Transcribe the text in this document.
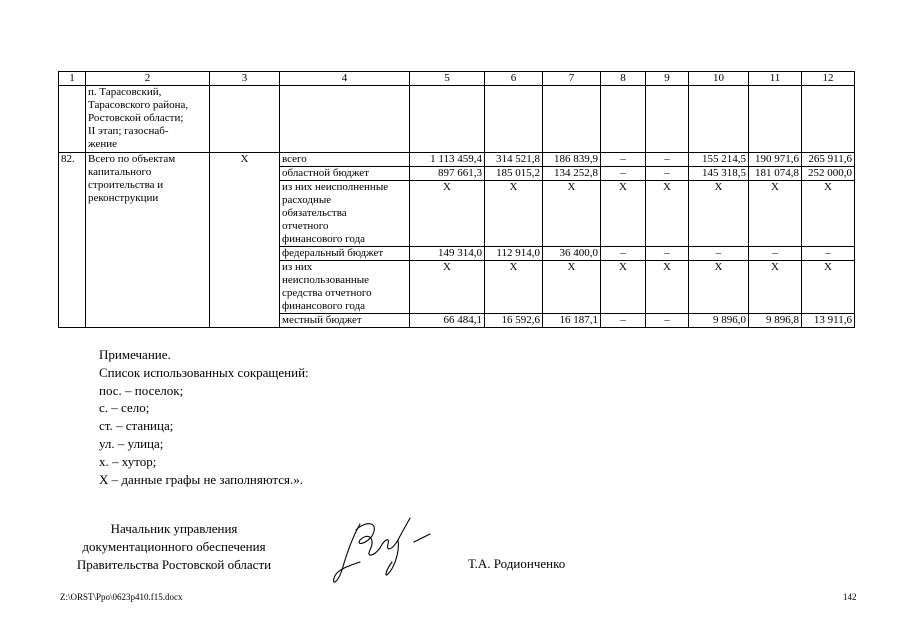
1	2	3	4	5	6	7	8	9	10	11	12

	п. Тарасовский,
Тарасовского района,
Ростовской области;
II этап; газоснаб-
жение										

82.	Всего по объектам
капитального
строительства и
реконструкции	Х	всего	1 113 459,4	314 521,8	186 839,9	–	–	155 214,5	190 971,6	265 911,6
			областной бюджет	897 661,3	185 015,2	134 252,8	–	–	145 318,5	181 074,8	252 000,0

			из них неисполненные
расходные
обязательства
отчетного
финансового года	Х	Х	Х	Х	Х	Х	Х	Х
			федеральный бюджет	149 314,0	112 914,0	36 400,0	–	–	–	–	–

			из них
неиспользованные
средства отчетного
финансового года	Х	Х	Х	Х	Х	Х	Х	Х
			местный бюджет	66 484,1	16 592,6	16 187,1	–	–	9 896,0	9 896,8	13 911,6
Примечание.
Список использованных сокращений:
пос. – поселок;
с. – село;
ст. – станица;
ул. – улица;
х. – хутор;
Х – данные графы не заполняются.».
Начальник управления
документационного обеспечения
Правительства Ростовской области	Т.А. Родионченко
Z:\ORST\Ppo\0623p410.f15.docx	142
